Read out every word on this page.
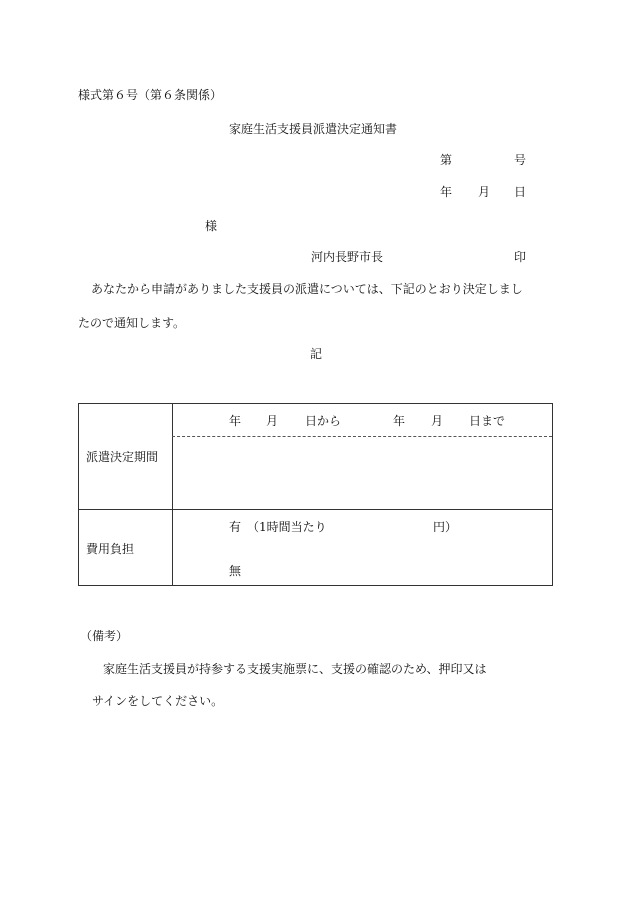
様式第６号（第６条関係）
家庭生活支援員派遣決定通知書
第	号
年 月 日
様
河内長野市長	印
あなたから申請がありました支援員の派遣については、下記のとおり決定しまし
たので通知します。
記
派遣決定期間
年 月 日から	年 月 日まで
費用負担
有 （1時間当たり	円）
無
（備考）
家庭生活支援員が持参する支援実施票に、支援の確認のため、押印又は
サインをしてください。
